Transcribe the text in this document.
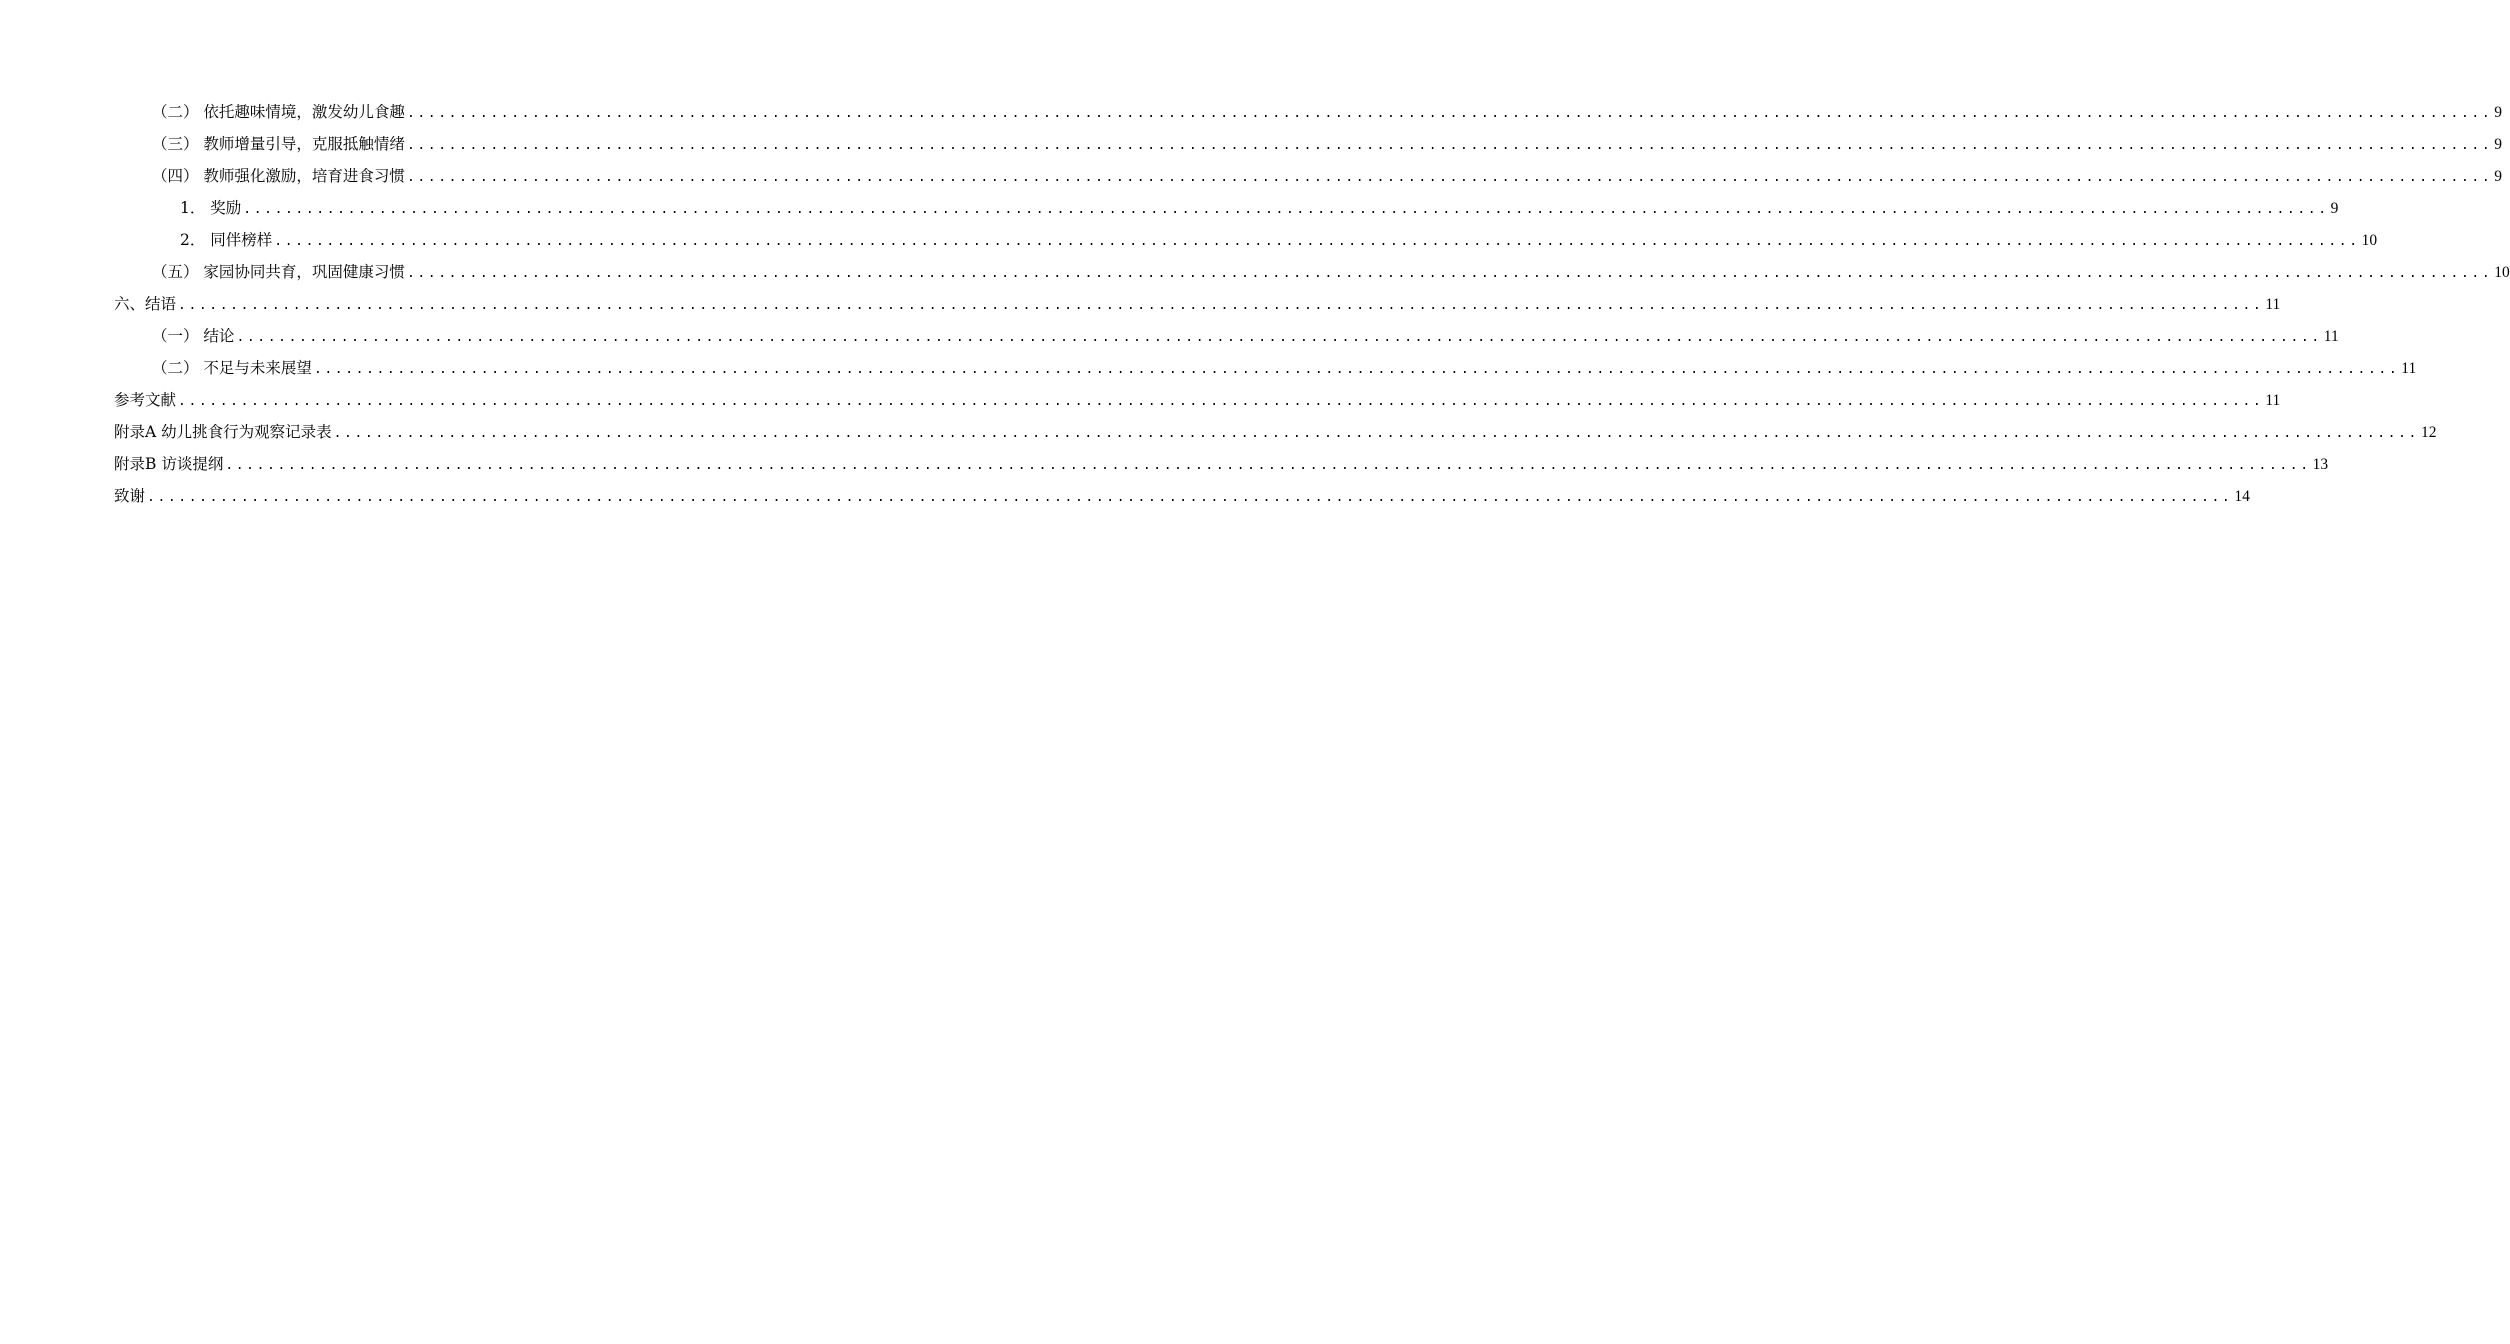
（二） 依托趣味情境，激发幼儿食趣 ........................................................................................................................................................................................................ 9
（三） 教师增量引导，克服抵触情绪 ........................................................................................................................................................................................................ 9
（四） 教师强化激励，培育进食习惯 ........................................................................................................................................................................................................ 9
1． 奖励 ........................................................................................................................................................................................................ 9
2． 同伴榜样 ........................................................................................................................................................................................................ 10
（五） 家园协同共育，巩固健康习惯 ........................................................................................................................................................................................................ 10
六、结语 ........................................................................................................................................................................................................ 11
（一） 结论 ........................................................................................................................................................................................................ 11
（二） 不足与未来展望 ........................................................................................................................................................................................................ 11
参考文献 ........................................................................................................................................................................................................ 11
附录A 幼儿挑食行为观察记录表 ........................................................................................................................................................................................................ 12
附录B 访谈提纲 ........................................................................................................................................................................................................ 13
致谢 ........................................................................................................................................................................................................ 14
